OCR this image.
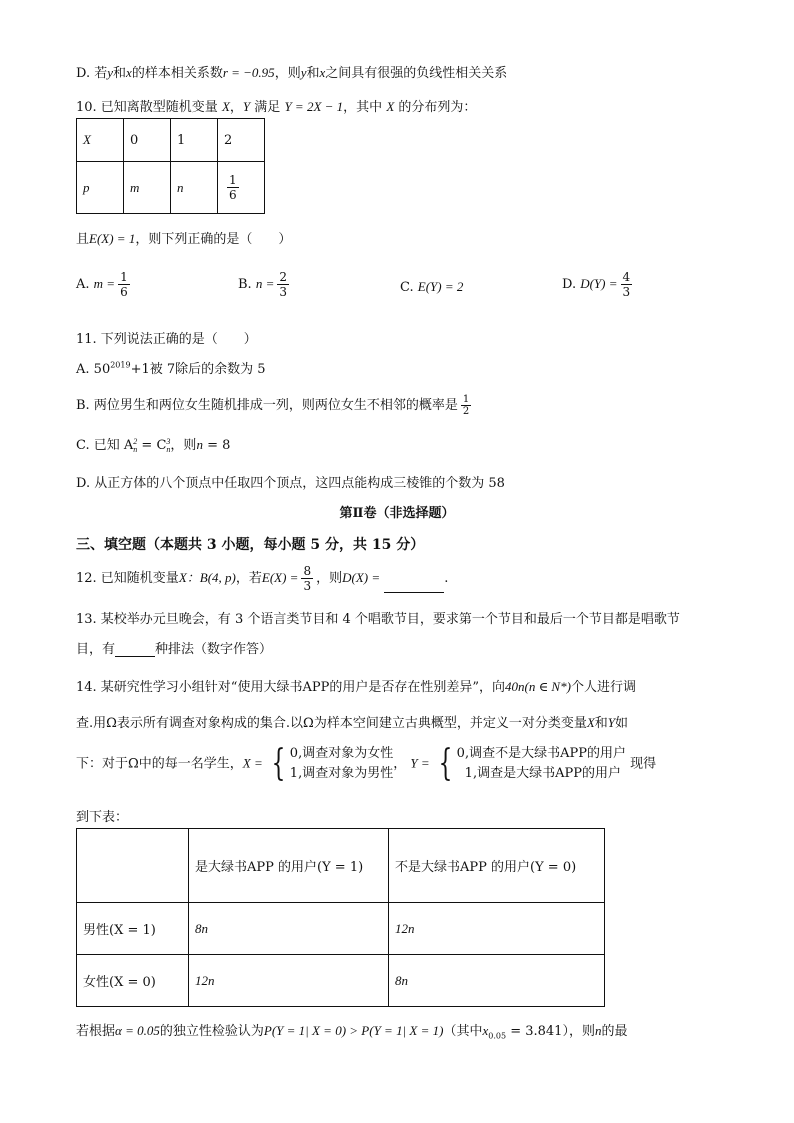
D. 若y和x的样本相关系数r = −0.95，则y和x之间具有很强的负线性相关关系
10. 已知离散型随机变量 X，Y 满足 Y = 2X − 1，其中 X 的分布列为：
X	0	1	2
p	m	n	$\frac{1}{6}$
且E(X) = 1，则下列正确的是（　　）
A. $m = \frac{1}{6}$	B. $n = \frac{2}{3}$	C. E(Y) = 2	D. $D(Y) = \frac{4}{3}$
11. 下列说法正确的是（　　）
A. $50^{2019}+1$被 7除后的余数为 5
B. 两位男生和两位女生随机排成一列，则两位女生不相邻的概率是 $\frac{1}{2}$
C. 已知 A 2
n = C 3
n ，则n = 8
D. 从正方体的八个顶点中任取四个顶点，这四点能构成三棱锥的个数为 58
第Ⅱ卷（非选择题）
三、填空题（本题共 3 小题，每小题 5 分，共 15 分）
12. 已知随机变量X：B(4, p)，若$E(X) = \frac{8}{3}$ ，则D(X) =	.
13. 某校举办元旦晚会，有 3 个语言类节目和 4 个唱歌节目，要求第一个节目和最后一个节目都是唱歌节
目，有	种排法（数字作答）
14. 某研究性学习小组针对“使用大绿书APP的用户是否存在性别差异”，向40n(n ∈ N*)个人进行调
查.用Ω表示所有调查对象构成的集合.以Ω为样本空间建立古典概型，并定义一对分类变量X和Y如
下：对于Ω中的每一名学生，X = { 0,调查对象为女性
1,调查对象为男性
， Y = { 0,调查不是大绿书APP的用户
1,调查是大绿书APP的用户
现得
到下表：
	是大绿书APP 的用户(Y = 1)	不是大绿书APP 的用户(Y = 0)
男性(X = 1)	8n	12n
女性(X = 0)	12n	8n
若根据α = 0.05的独立性检验认为P(Y = 1| X = 0) > P(Y = 1| X = 1)（其中$x_{0.05} = 3.841$），则n的最
